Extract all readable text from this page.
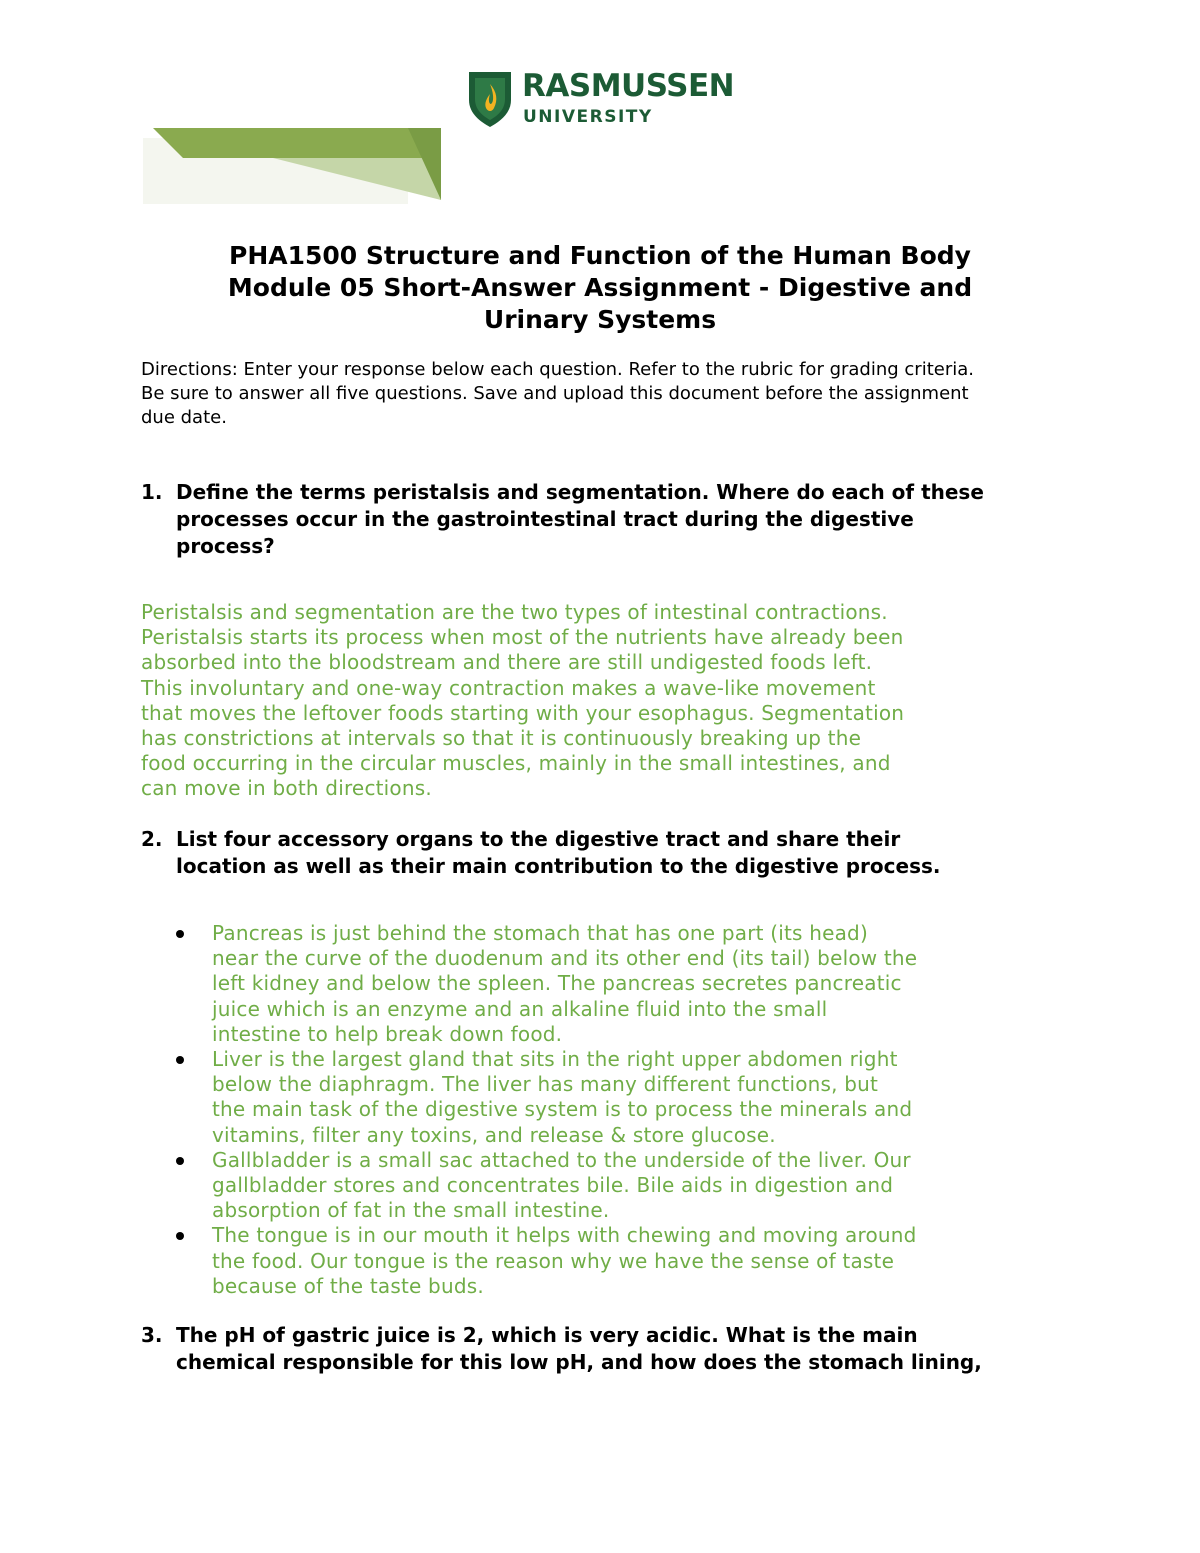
RASMUSSEN
UNIVERSITY
PHA1500 Structure and Function of the Human Body
Module 05 Short-Answer Assignment - Digestive and
Urinary Systems
Directions: Enter your response below each question. Refer to the rubric for grading criteria.
Be sure to answer all five questions. Save and upload this document before the assignment
due date.
1. Define the terms peristalsis and segmentation. Where do each of these
processes occur in the gastrointestinal tract during the digestive
process?
Peristalsis and segmentation are the two types of intestinal contractions.
Peristalsis starts its process when most of the nutrients have already been
absorbed into the bloodstream and there are still undigested foods left.
This involuntary and one-way contraction makes a wave-like movement
that moves the leftover foods starting with your esophagus. Segmentation
has constrictions at intervals so that it is continuously breaking up the
food occurring in the circular muscles, mainly in the small intestines, and
can move in both directions.
2. List four accessory organs to the digestive tract and share their
location as well as their main contribution to the digestive process.
Pancreas is just behind the stomach that has one part (its head)
near the curve of the duodenum and its other end (its tail) below the
left kidney and below the spleen. The pancreas secretes pancreatic
juice which is an enzyme and an alkaline fluid into the small
intestine to help break down food.
Liver is the largest gland that sits in the right upper abdomen right
below the diaphragm. The liver has many different functions, but
the main task of the digestive system is to process the minerals and
vitamins, filter any toxins, and release & store glucose.
Gallbladder is a small sac attached to the underside of the liver. Our
gallbladder stores and concentrates bile. Bile aids in digestion and
absorption of fat in the small intestine.
The tongue is in our mouth it helps with chewing and moving around
the food. Our tongue is the reason why we have the sense of taste
because of the taste buds.
3. The pH of gastric juice is 2, which is very acidic. What is the main
chemical responsible for this low pH, and how does the stomach lining,
